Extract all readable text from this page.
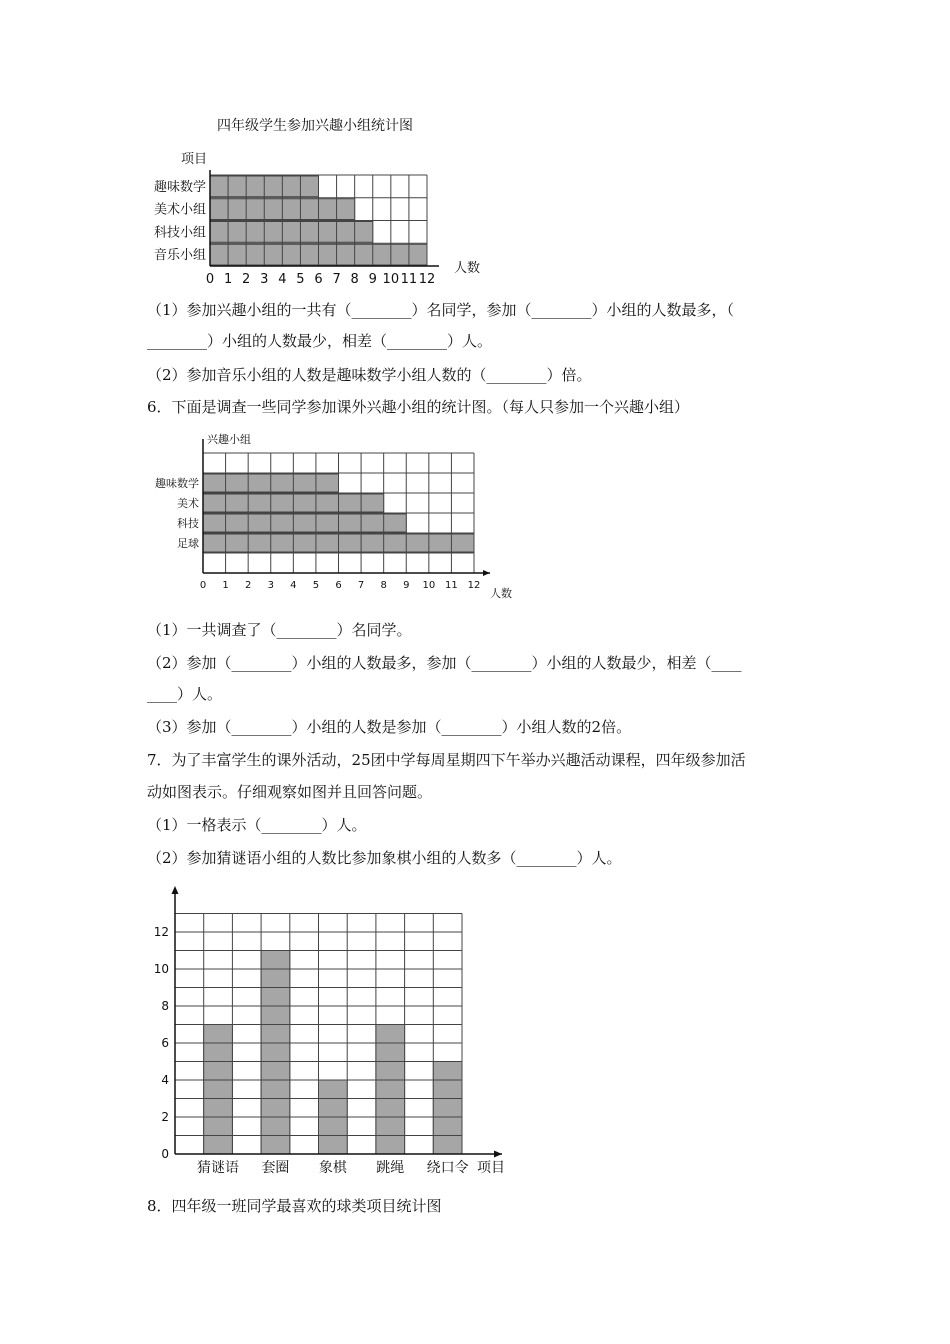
四年级学生参加兴趣小组统计图
项目
人数
趣味数学
美术小组
科技小组
音乐小组
0 1 2 3 4 5 6 7 8 9 10 11 12
（1）参加兴趣小组的一共有（________）名同学，参加（________）小组的人数最多，（
________）小组的人数最少，相差（________）人。
（2）参加音乐小组的人数是趣味数学小组人数的（________）倍。
6．下面是调查一些同学参加课外兴趣小组的统计图。（每人只参加一个兴趣小组）
兴趣小组
人数
趣味数学
美术
科技
足球
0 1 2 3 4 5 6 7 8 9 10 11 12
（1）一共调查了（________）名同学。
（2）参加（________）小组的人数最多，参加（________）小组的人数最少，相差（____
____）人。
（3）参加（________）小组的人数是参加（________）小组人数的2倍。
7．为了丰富学生的课外活动，25团中学每周星期四下午举办兴趣活动课程，四年级参加活
动如图表示。仔细观察如图并且回答问题。
（1）一格表示（________）人。
（2）参加猜谜语小组的人数比参加象棋小组的人数多（________）人。
项目
猜谜语 套圈 象棋 跳绳 绕口令
0
2
4
6
8
10
12
8．四年级一班同学最喜欢的球类项目统计图
